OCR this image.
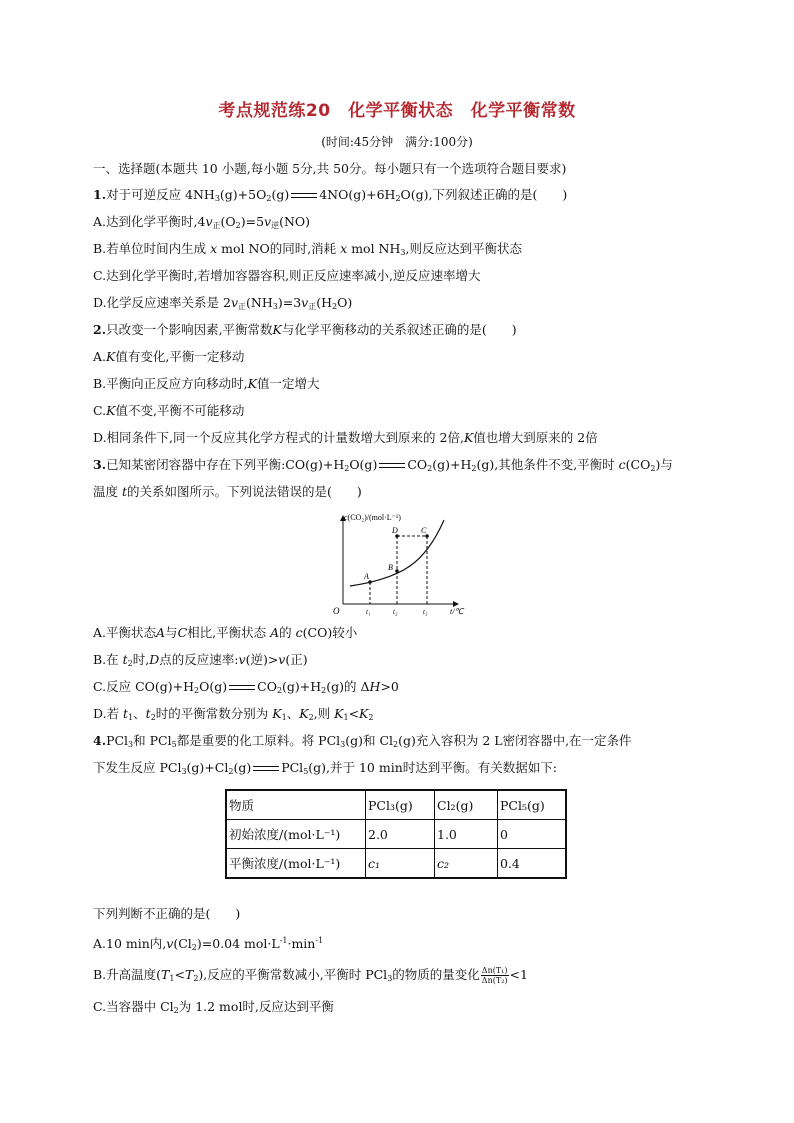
考点规范练20　化学平衡状态　化学平衡常数
(时间:45分钟　满分:100分)
一、选择题(本题共 10 小题,每小题 5分,共 50分。每小题只有一个选项符合题目要求)
1.对于可逆反应 $4NH_3(g)+5O_2(g)$ $4NO(g)+6H_2O(g)$,下列叙述正确的是(　　)
A.达到化学平衡时$,4v_正(O_2)=5v_逆(NO)$
B.若单位时间内生成 x mol NO的同时,消耗 x mol $NH_3$,则反应达到平衡状态
C.达到化学平衡时,若增加容器容积,则正反应速率减小,逆反应速率增大
D.化学反应速率关系是 $2v_正(NH_3)=3v_正(H_2O)$
2.只改变一个影响因素,平衡常数K与化学平衡移动的关系叙述正确的是(　　)
A.K值有变化,平衡一定移动
B.平衡向正反应方向移动时,K值一定增大
C.K值不变,平衡不可能移动
D.相同条件下,同一个反应其化学方程式的计量数增大到原来的 2倍,K值也增大到原来的 2倍
3.已知某密闭容器中存在下列平衡$:CO(g)+H_2O(g)$ $CO_2(g)+H_2(g)$,其他条件不变,平衡时 $c(CO_2)$与
温度 t的关系如图所示。下列说法错误的是(　　)
c(CO₂)/(mol·L⁻¹)
t/℃
O	t₁	t₂	t₃
A
B
D	C
A.平衡状态A与C相比,平衡状态 A的 c(CO)较小
B.在 $t_2$时,D点的反应速率:v(逆)>v(正)
C.反应 $CO(g)+H_2O(g)$ $CO_2(g)+H_2(g)$的 ΔH>0
D.若 $t_1$、$t_2$时的平衡常数分别为 $K_1$、$K_2$,则 $K_1<K_2$
4.PCl$_3$和 PCl$_5$都是重要的化工原料。将 PCl$_3$(g)和 $Cl_2(g)$充入容积为 2 L密闭容器中,在一定条件
下发生反应 $PCl_3(g)+Cl_2(g)$ PCl$_5$(g),并于 10 min时达到平衡。有关数据如下:
物质	PCl₃(g)	Cl₂(g)	PCl₅(g)
初始浓度/(mol·L⁻¹)	2.0	1.0	0
平衡浓度/(mol·L⁻¹)	c₁	c₂	0.4
下列判断不正确的是(　　)
A.10 min内$,v(Cl_2)=0.04$ $mol\cdot L^{-1}\cdot\min^{-1}$
B.升高温度$(T_1<T_2)$,反应的平衡常数减小,平衡时 PCl$_3$的物质的量变化 $\frac{\text{Δn(T₁)}}{\text{Δn(T₂)}} <1$
C.当容器中 $Cl_2$为 1.2 mol时,反应达到平衡
